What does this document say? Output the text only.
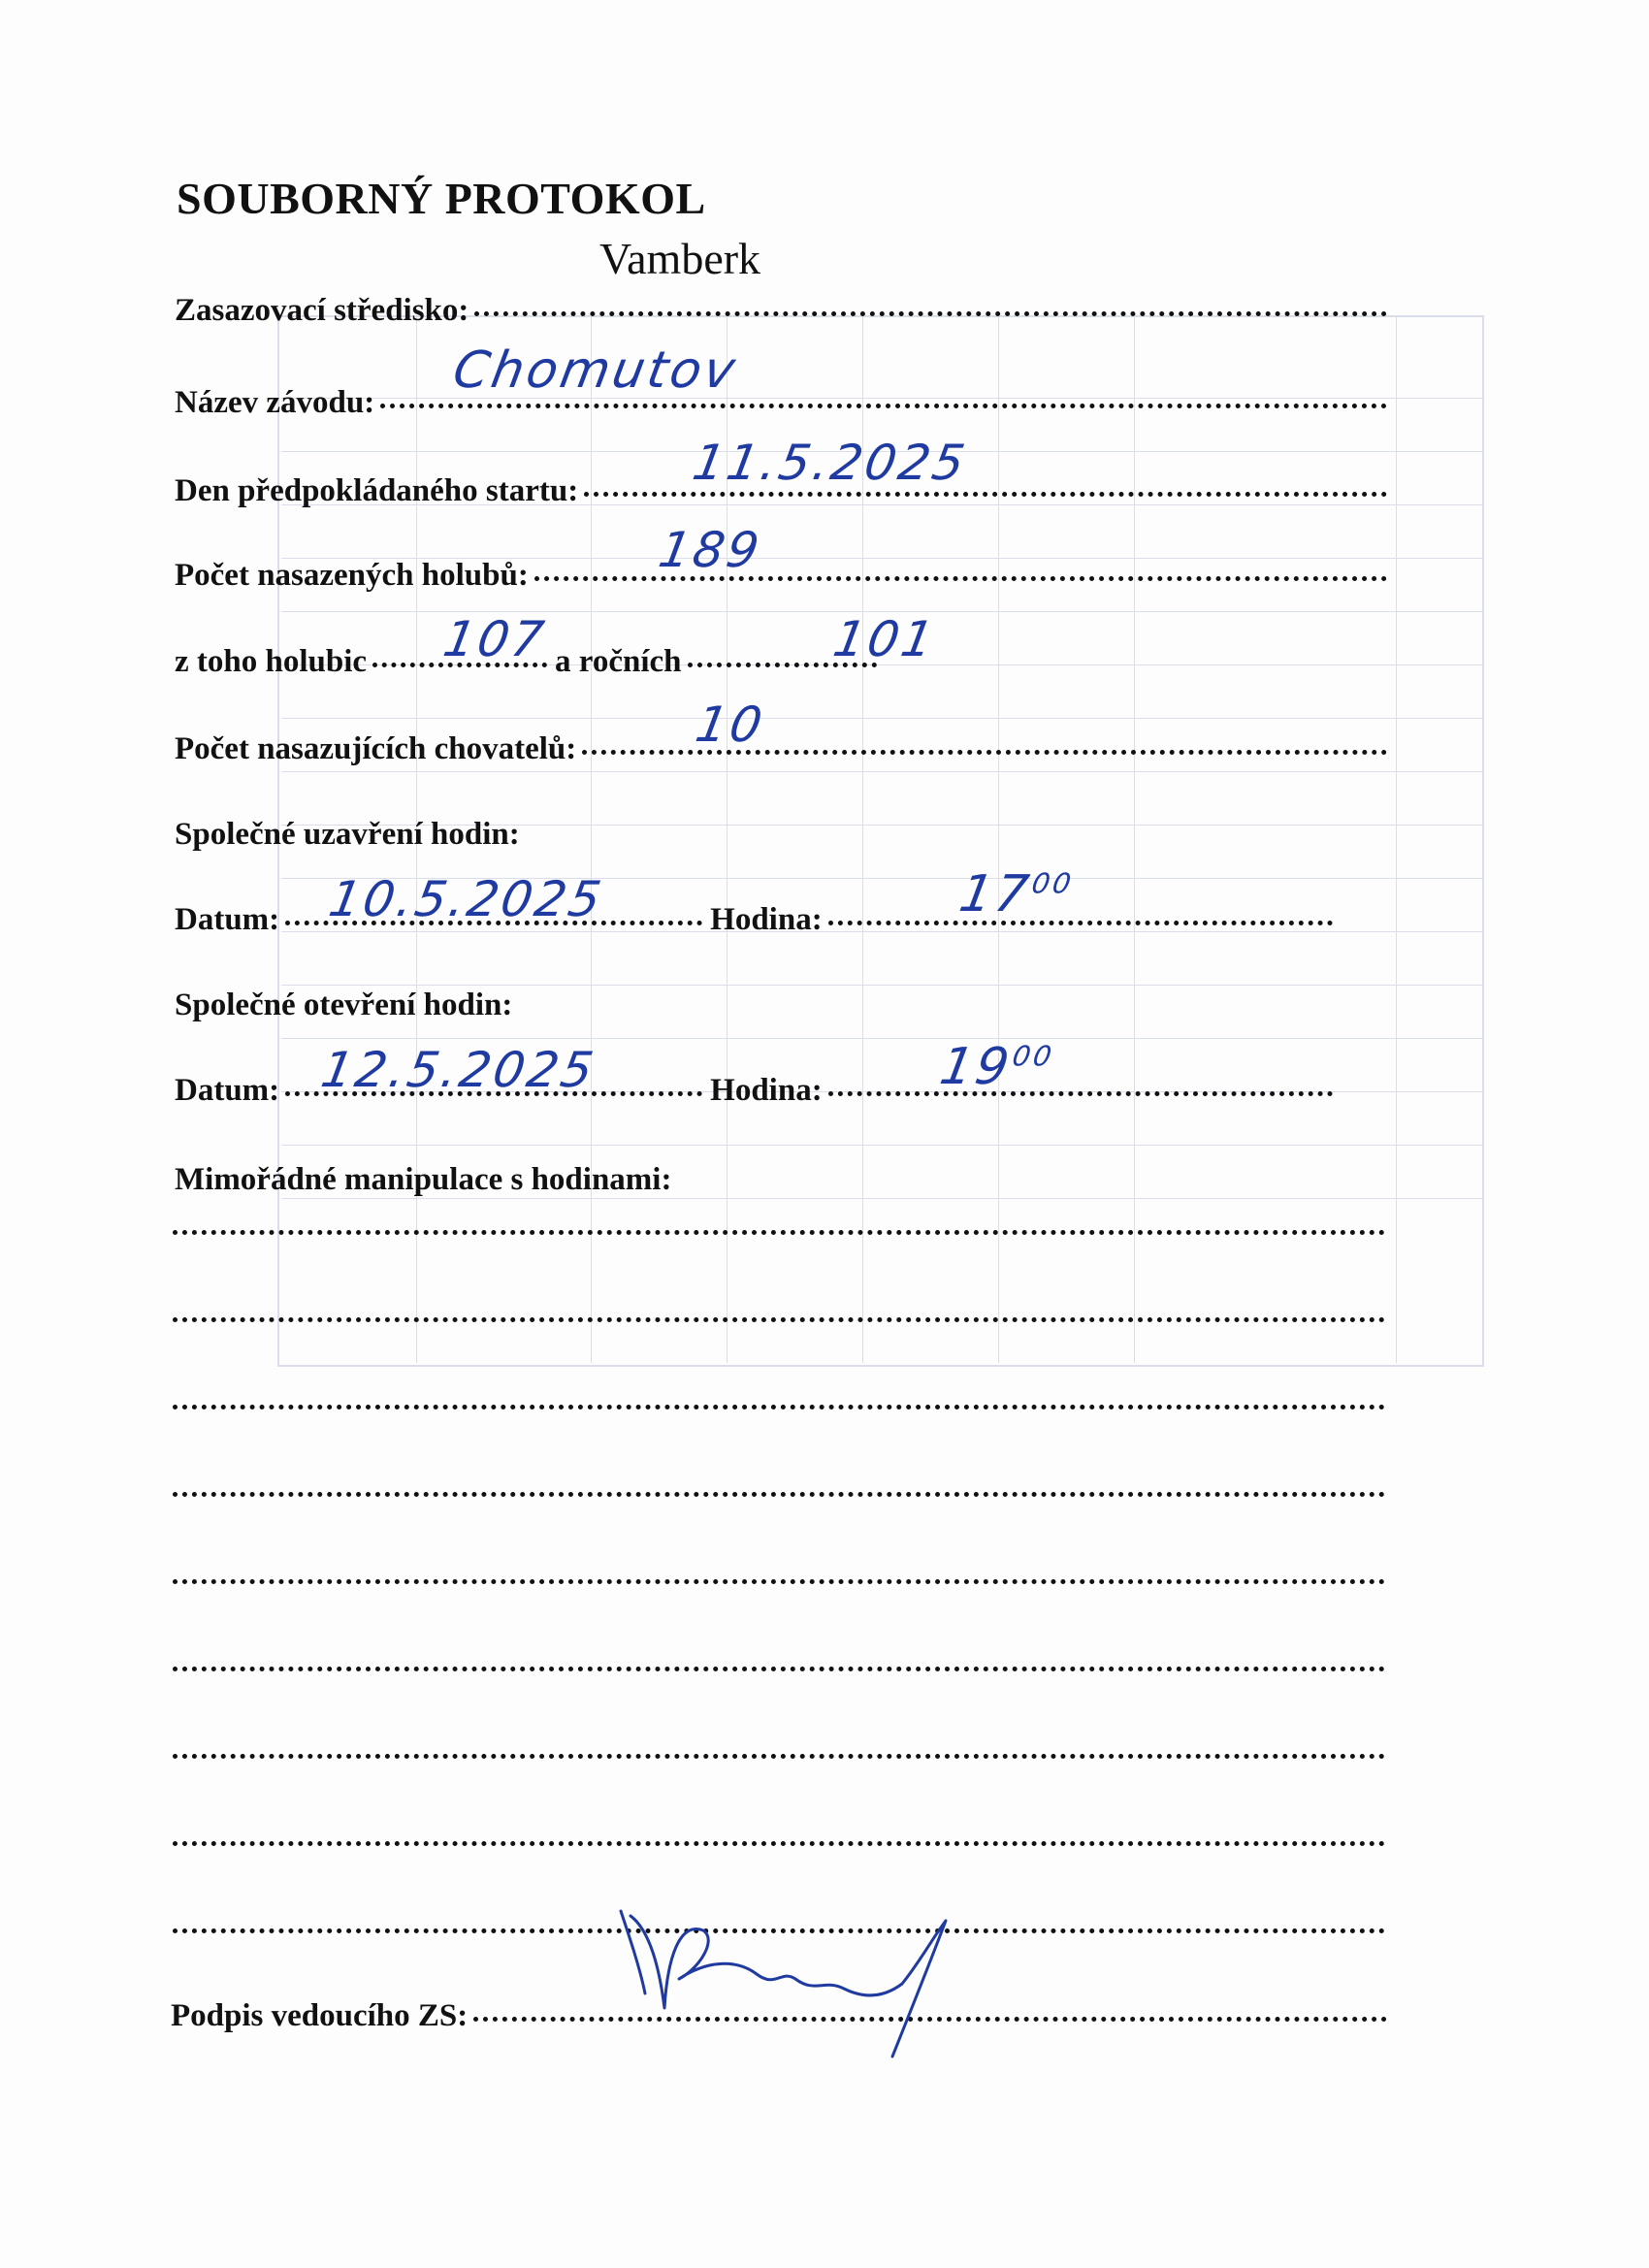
SOUBORNÝ PROTOKOL
Vamberk
Zasazovací středisko:
Název závodu:
Chomutov
Den předpokládaného startu: 11.5.2025
Počet nasazených holubů:	189
z toho holubic	a ročních
107	101
Počet nasazujících chovatelů: 10
Společné uzavření hodin:
Datum:	Hodina:
10.5.2025	$17^{00}$
Společné otevření hodin:
Datum:	Hodina:
12.5.2025	$19^{00}$
Mimořádné manipulace s hodinami:
Podpis vedoucího ZS:
